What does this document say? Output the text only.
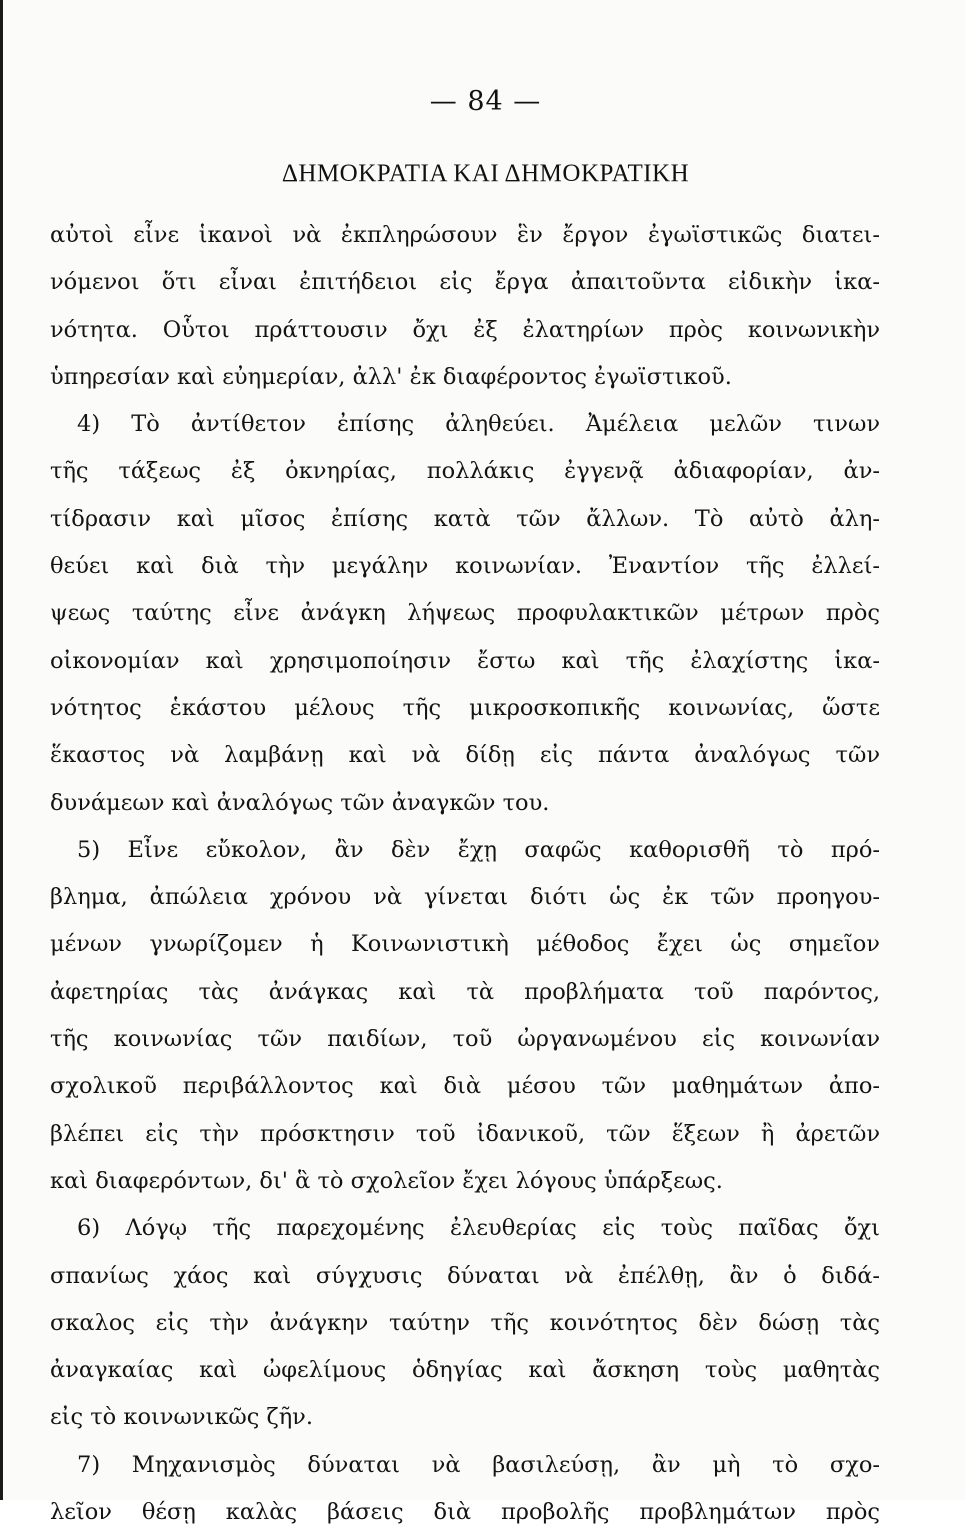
— 84 —
ΔΗΜΟΚΡΑΤΙΑ ΚΑΙ ΔΗΜΟΚΡΑΤΙΚΗ
αὐτοὶ εἶνε ἱκανοὶ νὰ ἐκπληρώσουν ἓν ἔργον ἐγωϊστικῶς διατει-
νόμενοι ὅτι εἶναι ἐπιτήδειοι εἰς ἔργα ἀπαιτοῦντα εἰδικὴν ἱκα-
νότητα. Οὗτοι πράττουσιν ὄχι ἐξ ἐλατηρίων πρὸς κοινωνικὴν
ὑπηρεσίαν καὶ εὐημερίαν, ἀλλ' ἐκ διαφέροντος ἐγωϊστικοῦ.
4) Τὸ ἀντίθετον ἐπίσης ἀληθεύει. Ἀμέλεια μελῶν τινων
τῆς τάξεως ἐξ ὀκνηρίας, πολλάκις ἐγγενᾷ ἀδιαφορίαν, ἀν-
τίδρασιν καὶ μῖσος ἐπίσης κατὰ τῶν ἄλλων. Τὸ αὐτὸ ἀλη-
θεύει καὶ διὰ τὴν μεγάλην κοινωνίαν. Ἐναντίον τῆς ἐλλεί-
ψεως ταύτης εἶνε ἀνάγκη λήψεως προφυλακτικῶν μέτρων πρὸς
οἰκονομίαν καὶ χρησιμοποίησιν ἔστω καὶ τῆς ἐλαχίστης ἱκα-
νότητος ἑκάστου μέλους τῆς μικροσκοπικῆς κοινωνίας, ὥστε
ἕκαστος νὰ λαμβάνῃ καὶ νὰ δίδῃ εἰς πάντα ἀναλόγως τῶν
δυνάμεων καὶ ἀναλόγως τῶν ἀναγκῶν του.
5) Εἶνε εὔκολον, ἂν δὲν ἔχῃ σαφῶς καθορισθῆ τὸ πρό-
βλημα, ἀπώλεια χρόνου νὰ γίνεται διότι ὡς ἐκ τῶν προηγου-
μένων γνωρίζομεν ἡ Κοινωνιστικὴ μέθοδος ἔχει ὡς σημεῖον
ἀφετηρίας τὰς ἀνάγκας καὶ τὰ προβλήματα τοῦ παρόντος,
τῆς κοινωνίας τῶν παιδίων, τοῦ ὠργανωμένου εἰς κοινωνίαν
σχολικοῦ περιβάλλοντος καὶ διὰ μέσου τῶν μαθημάτων ἀπο-
βλέπει εἰς τὴν πρόσκτησιν τοῦ ἰδανικοῦ, τῶν ἕξεων ἢ ἀρετῶν
καὶ διαφερόντων, δι' ἃ τὸ σχολεῖον ἔχει λόγους ὑπάρξεως.
6) Λόγῳ τῆς παρεχομένης ἐλευθερίας εἰς τοὺς παῖδας ὄχι
σπανίως χάος καὶ σύγχυσις δύναται νὰ ἐπέλθῃ, ἂν ὁ διδά-
σκαλος εἰς τὴν ἀνάγκην ταύτην τῆς κοινότητος δὲν δώσῃ τὰς
ἀναγκαίας καὶ ὠφελίμους ὁδηγίας καὶ ἄσκηση τοὺς μαθητὰς
εἰς τὸ κοινωνικῶς ζῆν.
7) Μηχανισμὸς δύναται νὰ βασιλεύσῃ, ἂν μὴ τὸ σχο-
λεῖον θέσῃ καλὰς βάσεις διὰ προβολῆς προβλημάτων πρὸς
